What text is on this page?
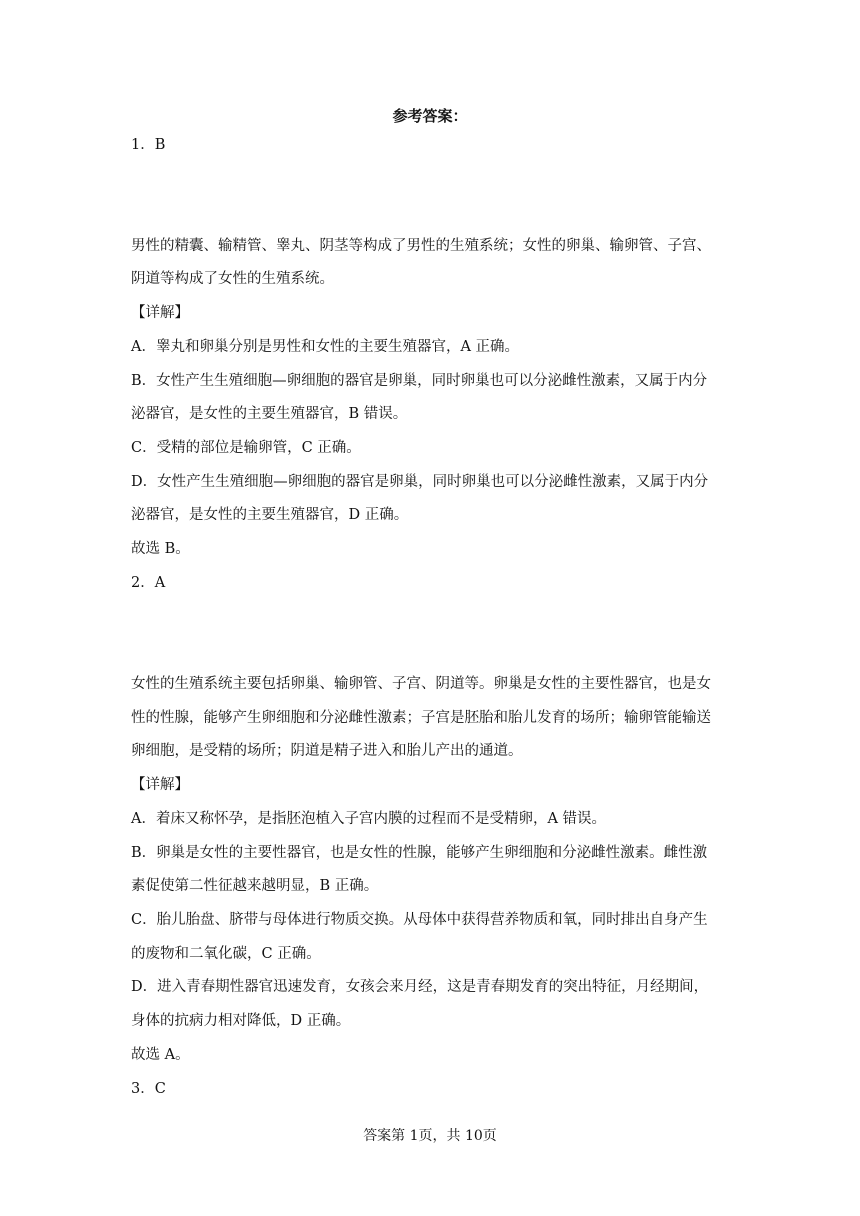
参考答案：
1．B
男性的精囊、输精管、睾丸、阴茎等构成了男性的生殖系统；女性的卵巢、输卵管、子宫、
阴道等构成了女性的生殖系统。
【详解】
A．睾丸和卵巢分别是男性和女性的主要生殖器官，A 正确。
B．女性产生生殖细胞—卵细胞的器官是卵巢，同时卵巢也可以分泌雌性激素，又属于内分
泌器官，是女性的主要生殖器官，B 错误。
C．受精的部位是输卵管，C 正确。
D．女性产生生殖细胞—卵细胞的器官是卵巢，同时卵巢也可以分泌雌性激素，又属于内分
泌器官，是女性的主要生殖器官，D 正确。
故选 B。
2．A
女性的生殖系统主要包括卵巢、输卵管、子宫、阴道等。卵巢是女性的主要性器官，也是女
性的性腺，能够产生卵细胞和分泌雌性激素；子宫是胚胎和胎儿发育的场所；输卵管能输送
卵细胞，是受精的场所；阴道是精子进入和胎儿产出的通道。
【详解】
A．着床又称怀孕，是指胚泡植入子宫内膜的过程而不是受精卵，A 错误。
B．卵巢是女性的主要性器官，也是女性的性腺，能够产生卵细胞和分泌雌性激素。雌性激
素促使第二性征越来越明显，B 正确。
C．胎儿胎盘、脐带与母体进行物质交换。从母体中获得营养物质和氧，同时排出自身产生
的废物和二氧化碳，C 正确。
D．进入青春期性器官迅速发育，女孩会来月经，这是青春期发育的突出特征，月经期间，
身体的抗病力相对降低，D 正确。
故选 A。
3．C
答案第 1页，共 10页
